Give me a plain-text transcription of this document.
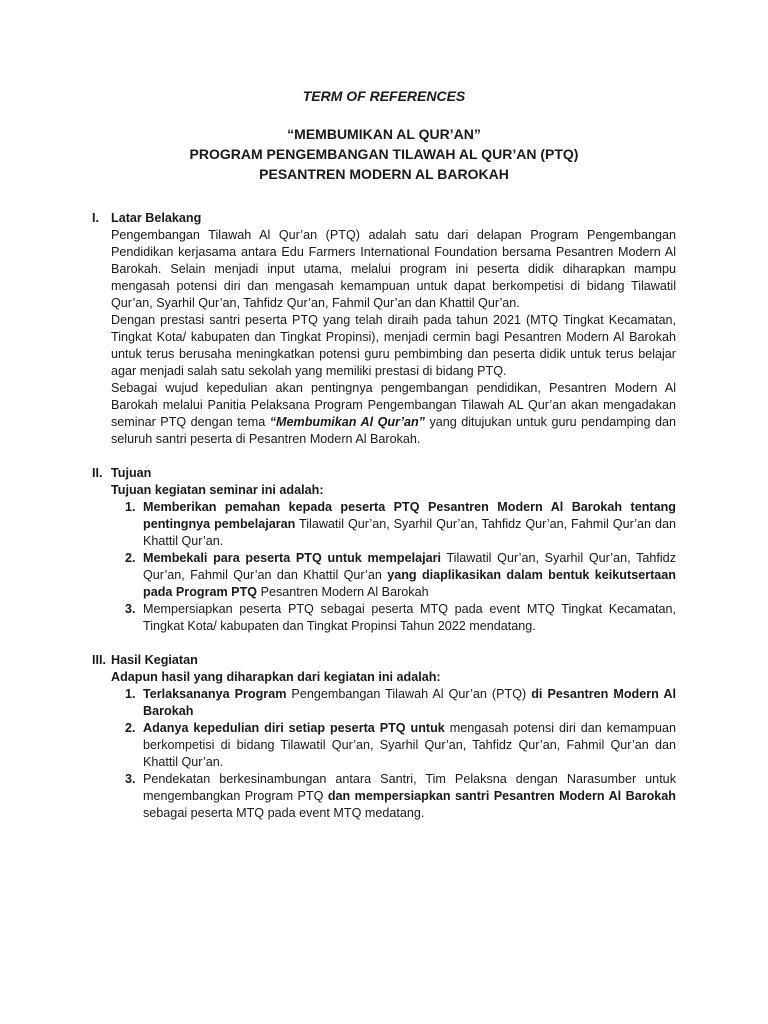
TERM OF REFERENCES

“MEMBUMIKAN AL QUR’AN”

PROGRAM PENGEMBANGAN TILAWAH AL QUR’AN (PTQ)

PESANTREN MODERN AL BAROKAH

I. Latar Belakang

Pengembangan Tilawah Al Qur’an (PTQ) adalah satu dari delapan Program Pengembangan Pendidikan kerjasama antara Edu Farmers International Foundation bersama Pesantren Modern Al Barokah. Selain menjadi input utama, melalui program ini peserta didik diharapkan mampu mengasah potensi diri dan mengasah kemampuan untuk dapat berkompetisi di bidang Tilawatil Qur’an, Syarhil Qur’an, Tahfidz Qur’an, Fahmil Qur’an dan Khattil Qur’an.

Dengan prestasi santri peserta PTQ yang telah diraih pada tahun 2021 (MTQ Tingkat Kecamatan, Tingkat Kota/ kabupaten dan Tingkat Propinsi), menjadi cermin bagi Pesantren Modern Al Barokah untuk terus berusaha meningkatkan potensi guru pembimbing dan peserta didik untuk terus belajar agar menjadi salah satu sekolah yang memiliki prestasi di bidang PTQ.

Sebagai wujud kepedulian akan pentingnya pengembangan pendidikan, Pesantren Modern Al Barokah melalui Panitia Pelaksana Program Pengembangan Tilawah AL Qur’an akan mengadakan seminar PTQ dengan tema “Membumikan Al Qur’an” yang ditujukan untuk guru pendamping dan seluruh santri peserta di Pesantren Modern Al Barokah.

II. Tujuan

Tujuan kegiatan seminar ini adalah:

1. Memberikan pemahan kepada peserta PTQ Pesantren Modern Al Barokah tentang pentingnya pembelajaran Tilawatil Qur’an, Syarhil Qur’an, Tahfidz Qur’an, Fahmil Qur’an dan Khattil Qur’an.
2. Membekali para peserta PTQ untuk mempelajari Tilawatil Qur’an, Syarhil Qur’an, Tahfidz Qur’an, Fahmil Qur’an dan Khattil Qur’an yang diaplikasikan dalam bentuk keikutsertaan pada Program PTQ Pesantren Modern Al Barokah
3. Mempersiapkan peserta PTQ sebagai peserta MTQ pada event MTQ Tingkat Kecamatan, Tingkat Kota/ kabupaten dan Tingkat Propinsi Tahun 2022 mendatang.
III. Hasil Kegiatan

Adapun hasil yang diharapkan dari kegiatan ini adalah:

1. Terlaksananya Program Pengembangan Tilawah Al Qur’an (PTQ) di Pesantren Modern Al Barokah
2. Adanya kepedulian diri setiap peserta PTQ untuk mengasah potensi diri dan kemampuan berkompetisi di bidang Tilawatil Qur’an, Syarhil Qur’an, Tahfidz Qur’an, Fahmil Qur’an dan Khattil Qur’an.
3. Pendekatan berkesinambungan antara Santri, Tim Pelaksna dengan Narasumber untuk mengembangkan Program PTQ dan mempersiapkan santri Pesantren Modern Al Barokah sebagai peserta MTQ pada event MTQ medatang.
